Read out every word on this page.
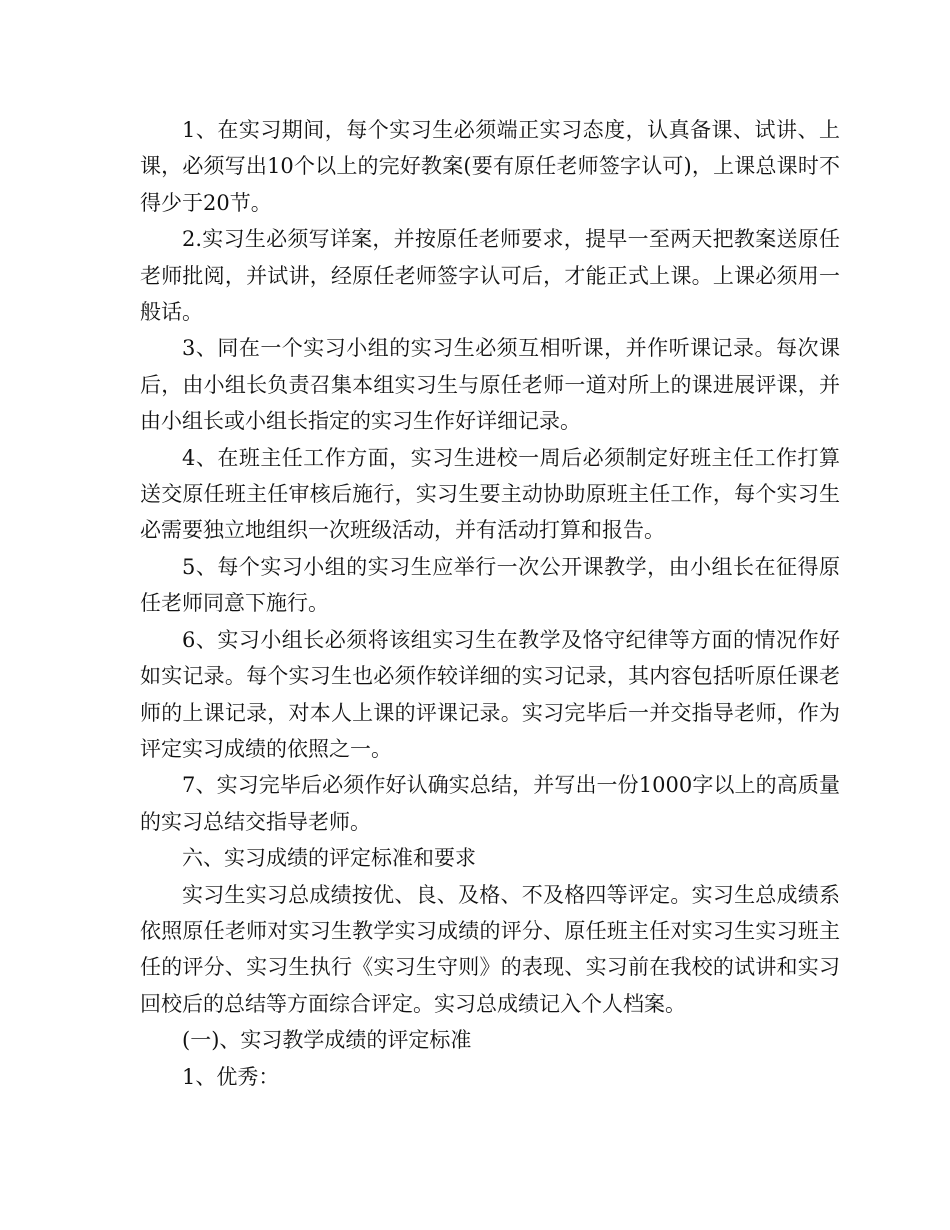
1、在实习期间，每个实习生必须端正实习态度，认真备课、试讲、上课，必须写出10个以上的完好教案(要有原任老师签字认可)，上课总课时不得少于20节。

2.实习生必须写详案，并按原任老师要求，提早一至两天把教案送原任老师批阅，并试讲，经原任老师签字认可后，才能正式上课。上课必须用一般话。

3、同在一个实习小组的实习生必须互相听课，并作听课记录。每次课后，由小组长负责召集本组实习生与原任老师一道对所上的课进展评课，并由小组长或小组长指定的实习生作好详细记录。

4、在班主任工作方面，实习生进校一周后必须制定好班主任工作打算送交原任班主任审核后施行，实习生要主动协助原班主任工作，每个实习生必需要独立地组织一次班级活动，并有活动打算和报告。

5、每个实习小组的实习生应举行一次公开课教学，由小组长在征得原任老师同意下施行。

6、实习小组长必须将该组实习生在教学及恪守纪律等方面的情况作好如实记录。每个实习生也必须作较详细的实习记录，其内容包括听原任课老师的上课记录，对本人上课的评课记录。实习完毕后一并交指导老师，作为评定实习成绩的依照之一。

7、实习完毕后必须作好认确实总结，并写出一份1000字以上的高质量的实习总结交指导老师。

六、实习成绩的评定标准和要求

实习生实习总成绩按优、良、及格、不及格四等评定。实习生总成绩系依照原任老师对实习生教学实习成绩的评分、原任班主任对实习生实习班主任的评分、实习生执行《实习生守则》的表现、实习前在我校的试讲和实习回校后的总结等方面综合评定。实习总成绩记入个人档案。

(一)、实习教学成绩的评定标准

1、优秀：
